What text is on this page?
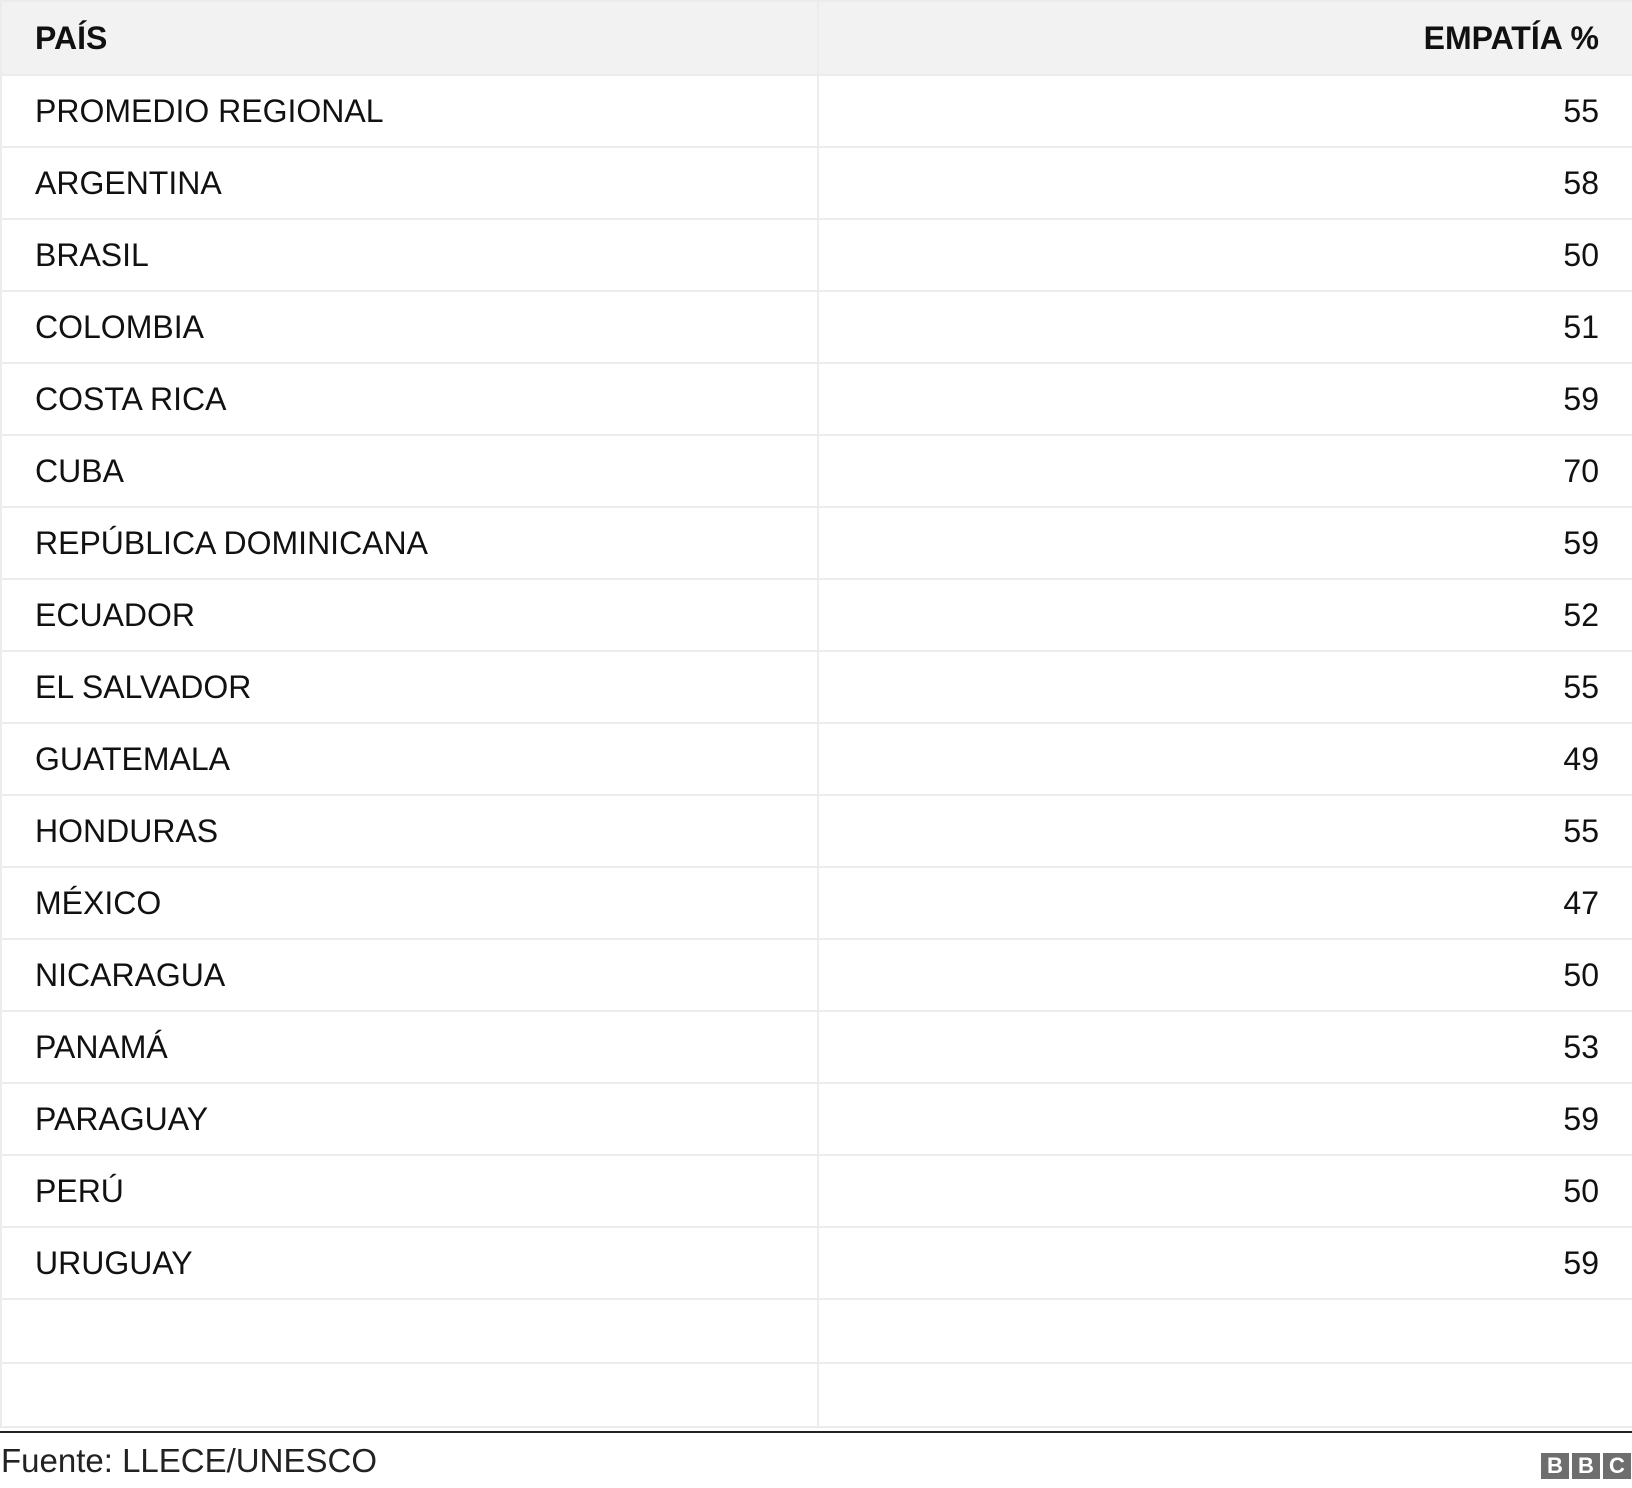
PAÍS	EMPATÍA %
PROMEDIO REGIONAL	55
ARGENTINA	58
BRASIL	50
COLOMBIA	51
COSTA RICA	59
CUBA	70
REPÚBLICA DOMINICANA	59
ECUADOR	52
EL SALVADOR	55
GUATEMALA	49
HONDURAS	55
MÉXICO	47
NICARAGUA	50
PANAMÁ	53
PARAGUAY	59
PERÚ	50
URUGUAY	59

Fuente: LLECE/UNESCO	B B C
